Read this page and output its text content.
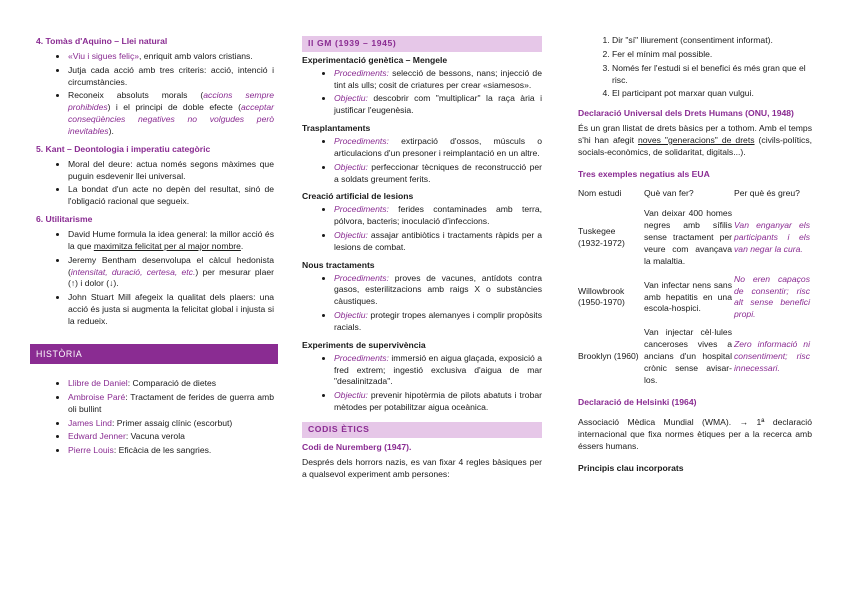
4. Tomàs d'Aquino – Llei natural
• «Viu i sigues feliç», enriquit amb valors cristians.
• Jutja cada acció amb tres criteris: acció, intenció i circumstàncies.
• Reconeix absoluts morals (accions sempre prohibides) i el principi de doble efecte (acceptar conseqüències negatives no volgudes però inevitables).
5. Kant – Deontologia i imperatiu categòric
• Moral del deure: actua només segons màximes que puguin esdevenir llei universal.
• La bondat d'un acte no depèn del resultat, sinó de l'obligació racional que segueix.
6. Utilitarisme
• David Hume formula la idea general: la millor acció és la que maximitza felicitat per al major nombre.
• Jeremy Bentham desenvolupa el càlcul hedonista (intensitat, duració, certesa, etc.) per mesurar plaer (↑) i dolor (↓).
• John Stuart Mill afegeix la qualitat dels plaers: una acció és justa si augmenta la felicitat global i injusta si la redueix.
HISTÒRIA
• Llibre de Daniel: Comparació de dietes
• Ambroise Paré: Tractament de ferides de guerra amb oli bullint
• James Lind: Primer assaig clínic (escorbut)
• Edward Jenner: Vacuna verola
• Pierre Louis: Eficàcia de les sangries.
II GM (1939 – 1945)
Experimentació genètica – Mengele
• Procediments: selecció de bessons, nans; injecció de tint als ulls; cosit de criatures per crear «siamesos».
• Objectiu: descobrir com "multiplicar" la raça ària i justificar l'eugenèsia.
Trasplantaments
• Procediments: extirpació d'ossos, músculs o articulacions d'un presoner i reimplantació en un altre.
• Objectiu: perfeccionar tècniques de reconstrucció per a soldats greument ferits.
Creació artificial de lesions
• Procediments: ferides contaminades amb terra, pólvora, bacteris; inoculació d'infeccions.
• Objectiu: assajar antibiòtics i tractaments ràpids per a lesions de combat.
Nous tractaments
• Procediments: proves de vacunes, antídots contra gasos, esterilitzacions amb raigs X o substàncies càustiques.
• Objectiu: protegir tropes alemanyes i complir propòsits racials.
Experiments de supervivència
• Procediments: immersió en aigua glaçada, exposició a fred extrem; ingestió exclusiva d'aigua de mar "desalinitzada".
• Objectiu: prevenir hipotèrmia de pilots abatuts i trobar mètodes per potabilitzar aigua oceànica.
CODIS ÈTICS
Codi de Nuremberg (1947).

Després dels horrors nazis, es van fixar 4 regles bàsiques per a qualsevol experiment amb persones:

1. Dir "sí" lliurement (consentiment informat).
2. Fer el mínim mal possible.
3. Només fer l'estudi si el benefici és més gran que el risc.
4. El participant pot marxar quan vulgui.
Declaració Universal dels Drets Humans (ONU, 1948)

És un gran llistat de drets bàsics per a tothom. Amb el temps s'hi han afegit noves "generacions" de drets (civils-polítics, socials-econòmics, de solidaritat, digitals...).

Tres exemples negatius als EUA
Nom estudi	Què van fer?	Per què és greu?
Tuskegee (1932-1972)	Van deixar 400 homes negres amb sífilis sense tractament per veure com avançava la malaltia.	Van enganyar els participants i els van negar la cura.
Willowbrook (1950-1970)	Van infectar nens sans amb hepatitis en una escola-hospici.	No eren capaços de consentir; risc alt sense benefici propi.
Brooklyn (1960)	Van injectar cèl·lules canceroses vives a ancians d'un hospital crònic sense avisar-los.	Zero informació ni consentiment; risc innecessari.
Declaració de Helsinki (1964)

Associació Mèdica Mundial (WMA). → 1ª declaració internacional que fixa normes ètiques per a la recerca amb éssers humans.

Principis clau incorporats
